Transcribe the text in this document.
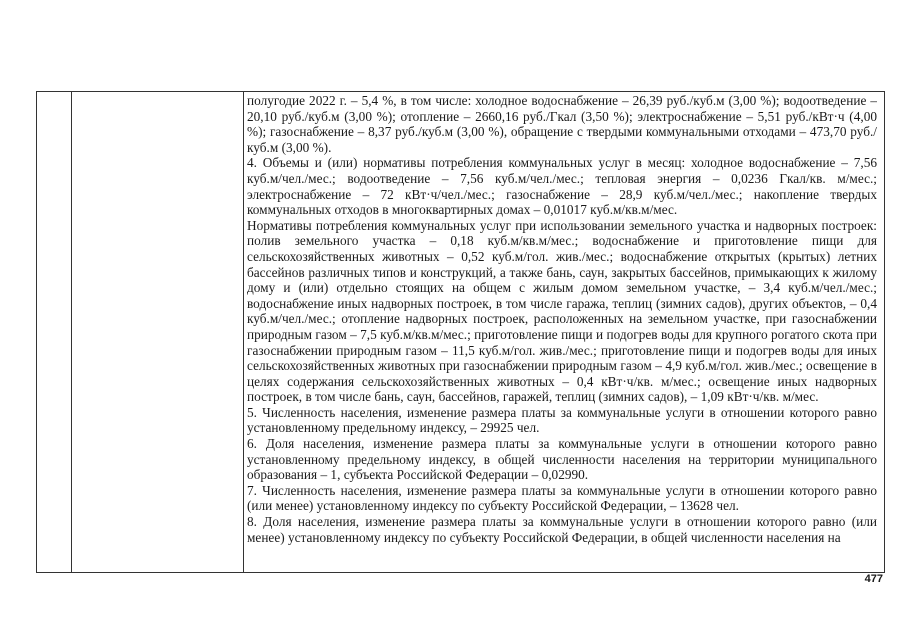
полугодие 2022 г. – 5,4 %, в том числе: холодное водоснабжение – 26,39 руб./куб.м (3,00 %); водоотведение – 20,10 руб./куб.м (3,00 %); отопление – 2660,16 руб./Гкал (3,50 %); электроснабжение – 5,51 руб./кВт·ч (4,00 %); газоснабжение – 8,37 руб./куб.м (3,00 %), обращение с твердыми коммунальными отходами – 473,70 руб./куб.м (3,00 %).

4. Объемы и (или) нормативы потребления коммунальных услуг в месяц: холодное водоснабжение – 7,56 куб.м/чел./мес.; водоотведение – 7,56 куб.м/чел./мес.; тепловая энергия – 0,0236 Гкал/кв. м/мес.; электроснабжение – 72 кВт·ч/чел./мес.; газоснабжение – 28,9 куб.м/чел./мес.; накопление твердых коммунальных отходов в многоквартирных домах – 0,01017 куб.м/кв.м/мес.

Нормативы потребления коммунальных услуг при использовании земельного участка и надворных построек: полив земельного участка – 0,18 куб.м/кв.м/мес.; водоснабжение и приготовление пищи для сельскохозяйственных животных – 0,52 куб.м/гол. жив./мес.; водоснабжение открытых (крытых) летних бассейнов различных типов и конструкций, а также бань, саун, закрытых бассейнов, примыкающих к жилому дому и (или) отдельно стоящих на общем с жилым домом земельном участке, – 3,4 куб.м/чел./мес.; водоснабжение иных надворных построек, в том числе гаража, теплиц (зимних садов), других объектов, – 0,4 куб.м/чел./мес.; отопление надворных построек, расположенных на земельном участке, при газоснабжении природным газом – 7,5 куб.м/кв.м/мес.; приготовление пищи и подогрев воды для крупного рогатого скота при газоснабжении природным газом – 11,5 куб.м/гол. жив./мес.; приготовление пищи и подогрев воды для иных сельскохозяйственных животных при газоснабжении природным газом – 4,9 куб.м/гол. жив./мес.; освещение в целях содержания сельскохозяйственных животных – 0,4 кВт·ч/кв. м/мес.; освещение иных надворных построек, в том числе бань, саун, бассейнов, гаражей, теплиц (зимних садов), – 1,09 кВт·ч/кв. м/мес.

5. Численность населения, изменение размера платы за коммунальные услуги в отношении которого равно установленному предельному индексу, – 29925 чел.

6. Доля населения, изменение размера платы за коммунальные услуги в отношении которого равно установленному предельному индексу, в общей численности населения на территории муниципального образования – 1, субъекта Российской Федерации – 0,02990.

7. Численность населения, изменение размера платы за коммунальные услуги в отношении которого равно (или менее) установленному индексу по субъекту Российской Федерации, – 13628 чел.

8. Доля населения, изменение размера платы за коммунальные услуги в отношении которого равно (или менее) установленному индексу по субъекту Российской Федерации, в общей численности населения на

477
